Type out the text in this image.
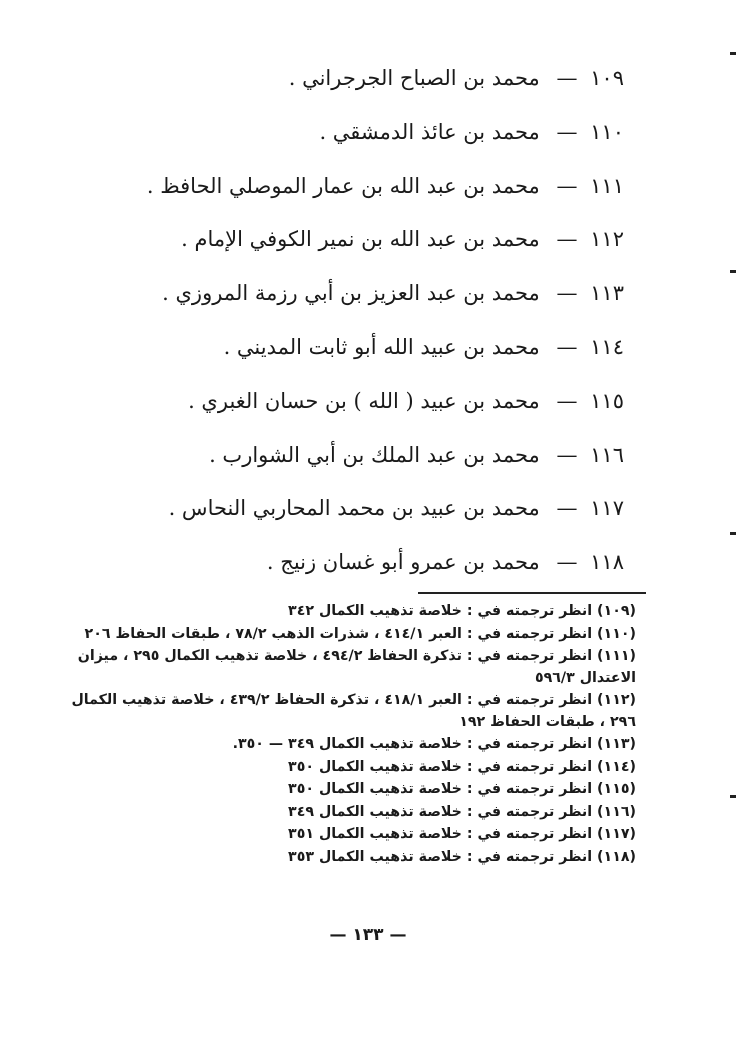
١٠٩ — محمد بن الصباح الجرجراني .
١١٠ — محمد بن عائذ الدمشقي .
١١١ — محمد بن عبد الله بن عمار الموصلي الحافظ .
١١٢ — محمد بن عبد الله بن نمير الكوفي الإمام .
١١٣ — محمد بن عبد العزيز بن أبي رزمة المروزي .
١١٤ — محمد بن عبيد الله أبو ثابت المديني .
١١٥ — محمد بن عبيد ( الله ) بن حسان الغبري .
١١٦ — محمد بن عبد الملك بن أبي الشوارب .
١١٧ — محمد بن عبيد بن محمد المحاربي النحاس .
١١٨ — محمد بن عمرو أبو غسان زنيج .
(١٠٩) انظر ترجمته في : خلاصة تذهيب الكمال ٣٤٢
(١١٠) انظر ترجمته في : العبر ٤١٤/١ ، شذرات الذهب ٧٨/٢ ، طبقات الحفاظ ٢٠٦
(١١١) انظر ترجمته في : تذكرة الحفاظ ٤٩٤/٢ ، خلاصة تذهيب الكمال ٢٩٥ ، ميزان الاعتدال ٥٩٦/٣
(١١٢) انظر ترجمته في : العبر ٤١٨/١ ، تذكرة الحفاظ ٤٣٩/٢ ، خلاصة تذهيب الكمال ٢٩٦ ، طبقات الحفاظ ١٩٢
(١١٣) انظر ترجمته في : خلاصة تذهيب الكمال ٣٤٩ — ٣٥٠.
(١١٤) انظر ترجمته في : خلاصة تذهيب الكمال ٣٥٠
(١١٥) انظر ترجمته في : خلاصة تذهيب الكمال ٣٥٠
(١١٦) انظر ترجمته في : خلاصة تذهيب الكمال ٣٤٩
(١١٧) انظر ترجمته في : خلاصة تذهيب الكمال ٣٥١
(١١٨) انظر ترجمته في : خلاصة تذهيب الكمال ٣٥٣
— ١٣٣ —
